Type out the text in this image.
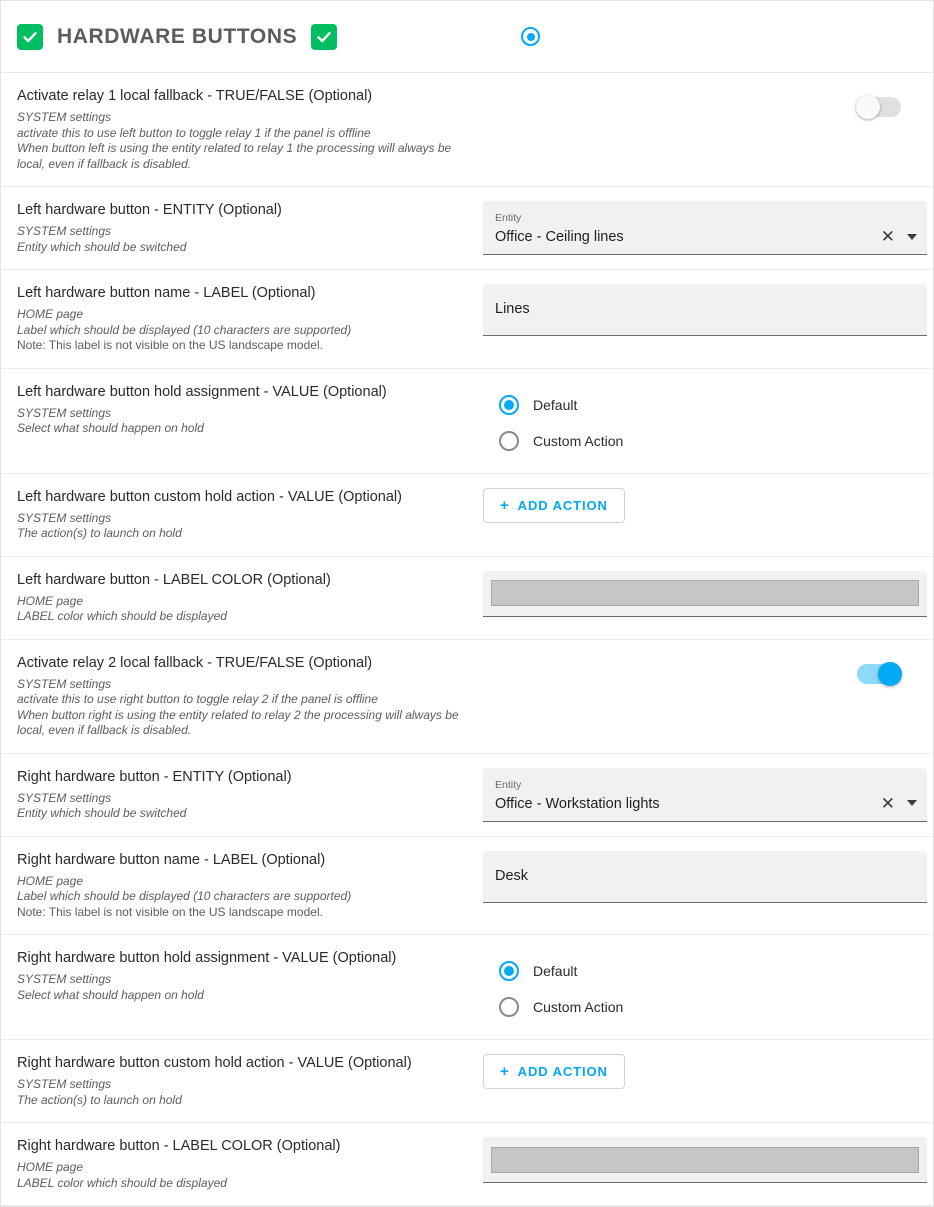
HARDWARE BUTTONS
Activate relay 1 local fallback - TRUE/FALSE (Optional)
SYSTEM settings
activate this to use left button to toggle relay 1 if the panel is offline
When button left is using the entity related to relay 1 the processing will always be local, even if fallback is disabled.
Left hardware button - ENTITY (Optional)
SYSTEM settings
Entity which should be switched
Entity
Office - Ceiling lines	✕
Left hardware button name - LABEL (Optional)
HOME page
Label which should be displayed (10 characters are supported)
Note: This label is not visible on the US landscape model.
Lines
Left hardware button hold assignment - VALUE (Optional)
SYSTEM settings
Select what should happen on hold
Default
Custom Action
Left hardware button custom hold action - VALUE (Optional)
SYSTEM settings
The action(s) to launch on hold
+ ADD ACTION
Left hardware button - LABEL COLOR (Optional)
HOME page
LABEL color which should be displayed
Activate relay 2 local fallback - TRUE/FALSE (Optional)
SYSTEM settings
activate this to use right button to toggle relay 2 if the panel is offline
When button right is using the entity related to relay 2 the processing will always be local, even if fallback is disabled.
Right hardware button - ENTITY (Optional)
SYSTEM settings
Entity which should be switched
Entity
Office - Workstation lights	✕
Right hardware button name - LABEL (Optional)
HOME page
Label which should be displayed (10 characters are supported)
Note: This label is not visible on the US landscape model.
Desk
Right hardware button hold assignment - VALUE (Optional)
SYSTEM settings
Select what should happen on hold
Default
Custom Action
Right hardware button custom hold action - VALUE (Optional)
SYSTEM settings
The action(s) to launch on hold
+ ADD ACTION
Right hardware button - LABEL COLOR (Optional)
HOME page
LABEL color which should be displayed
